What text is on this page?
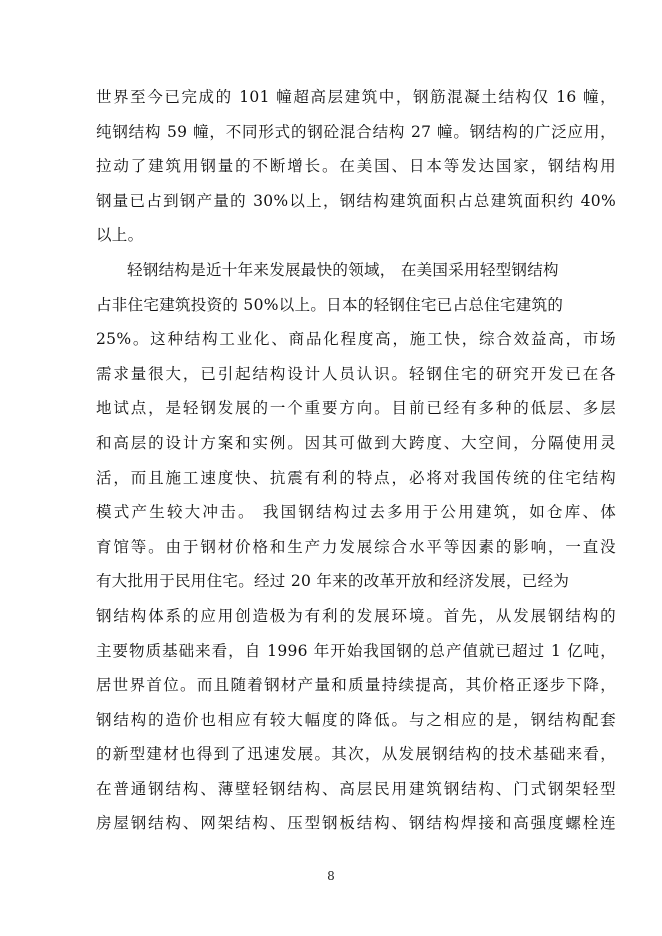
世界至今已完成的 101 幢超高层建筑中，钢筋混凝土结构仅 16 幢，
纯钢结构 59 幢，不同形式的钢砼混合结构 27 幢。钢结构的广泛应用，
拉动了建筑用钢量的不断增长。在美国、日本等发达国家，钢结构用
钢量已占到钢产量的 30%以上，钢结构建筑面积占总建筑面积约 40%
以上。
轻钢结构是近十年来发展最快的领域， 在美国采用轻型钢结构
占非住宅建筑投资的 50%以上。日本的轻钢住宅已占总住宅建筑的
25%。这种结构工业化、商品化程度高，施工快，综合效益高，市场
需求量很大，已引起结构设计人员认识。轻钢住宅的研究开发已在各
地试点，是轻钢发展的一个重要方向。目前已经有多种的低层、多层
和高层的设计方案和实例。因其可做到大跨度、大空间，分隔使用灵
活，而且施工速度快、抗震有利的特点，必将对我国传统的住宅结构
模式产生较大冲击。 我国钢结构过去多用于公用建筑，如仓库、体
育馆等。由于钢材价格和生产力发展综合水平等因素的影响，一直没
有大批用于民用住宅。经过 20 年来的改革开放和经济发展，已经为
钢结构体系的应用创造极为有利的发展环境。首先，从发展钢结构的
主要物质基础来看，自 1996 年开始我国钢的总产值就已超过 1 亿吨，
居世界首位。而且随着钢材产量和质量持续提高，其价格正逐步下降，
钢结构的造价也相应有较大幅度的降低。与之相应的是，钢结构配套
的新型建材也得到了迅速发展。其次，从发展钢结构的技术基础来看，
在普通钢结构、薄壁轻钢结构、高层民用建筑钢结构、门式钢架轻型
房屋钢结构、网架结构、压型钢板结构、钢结构焊接和高强度螺栓连
8
